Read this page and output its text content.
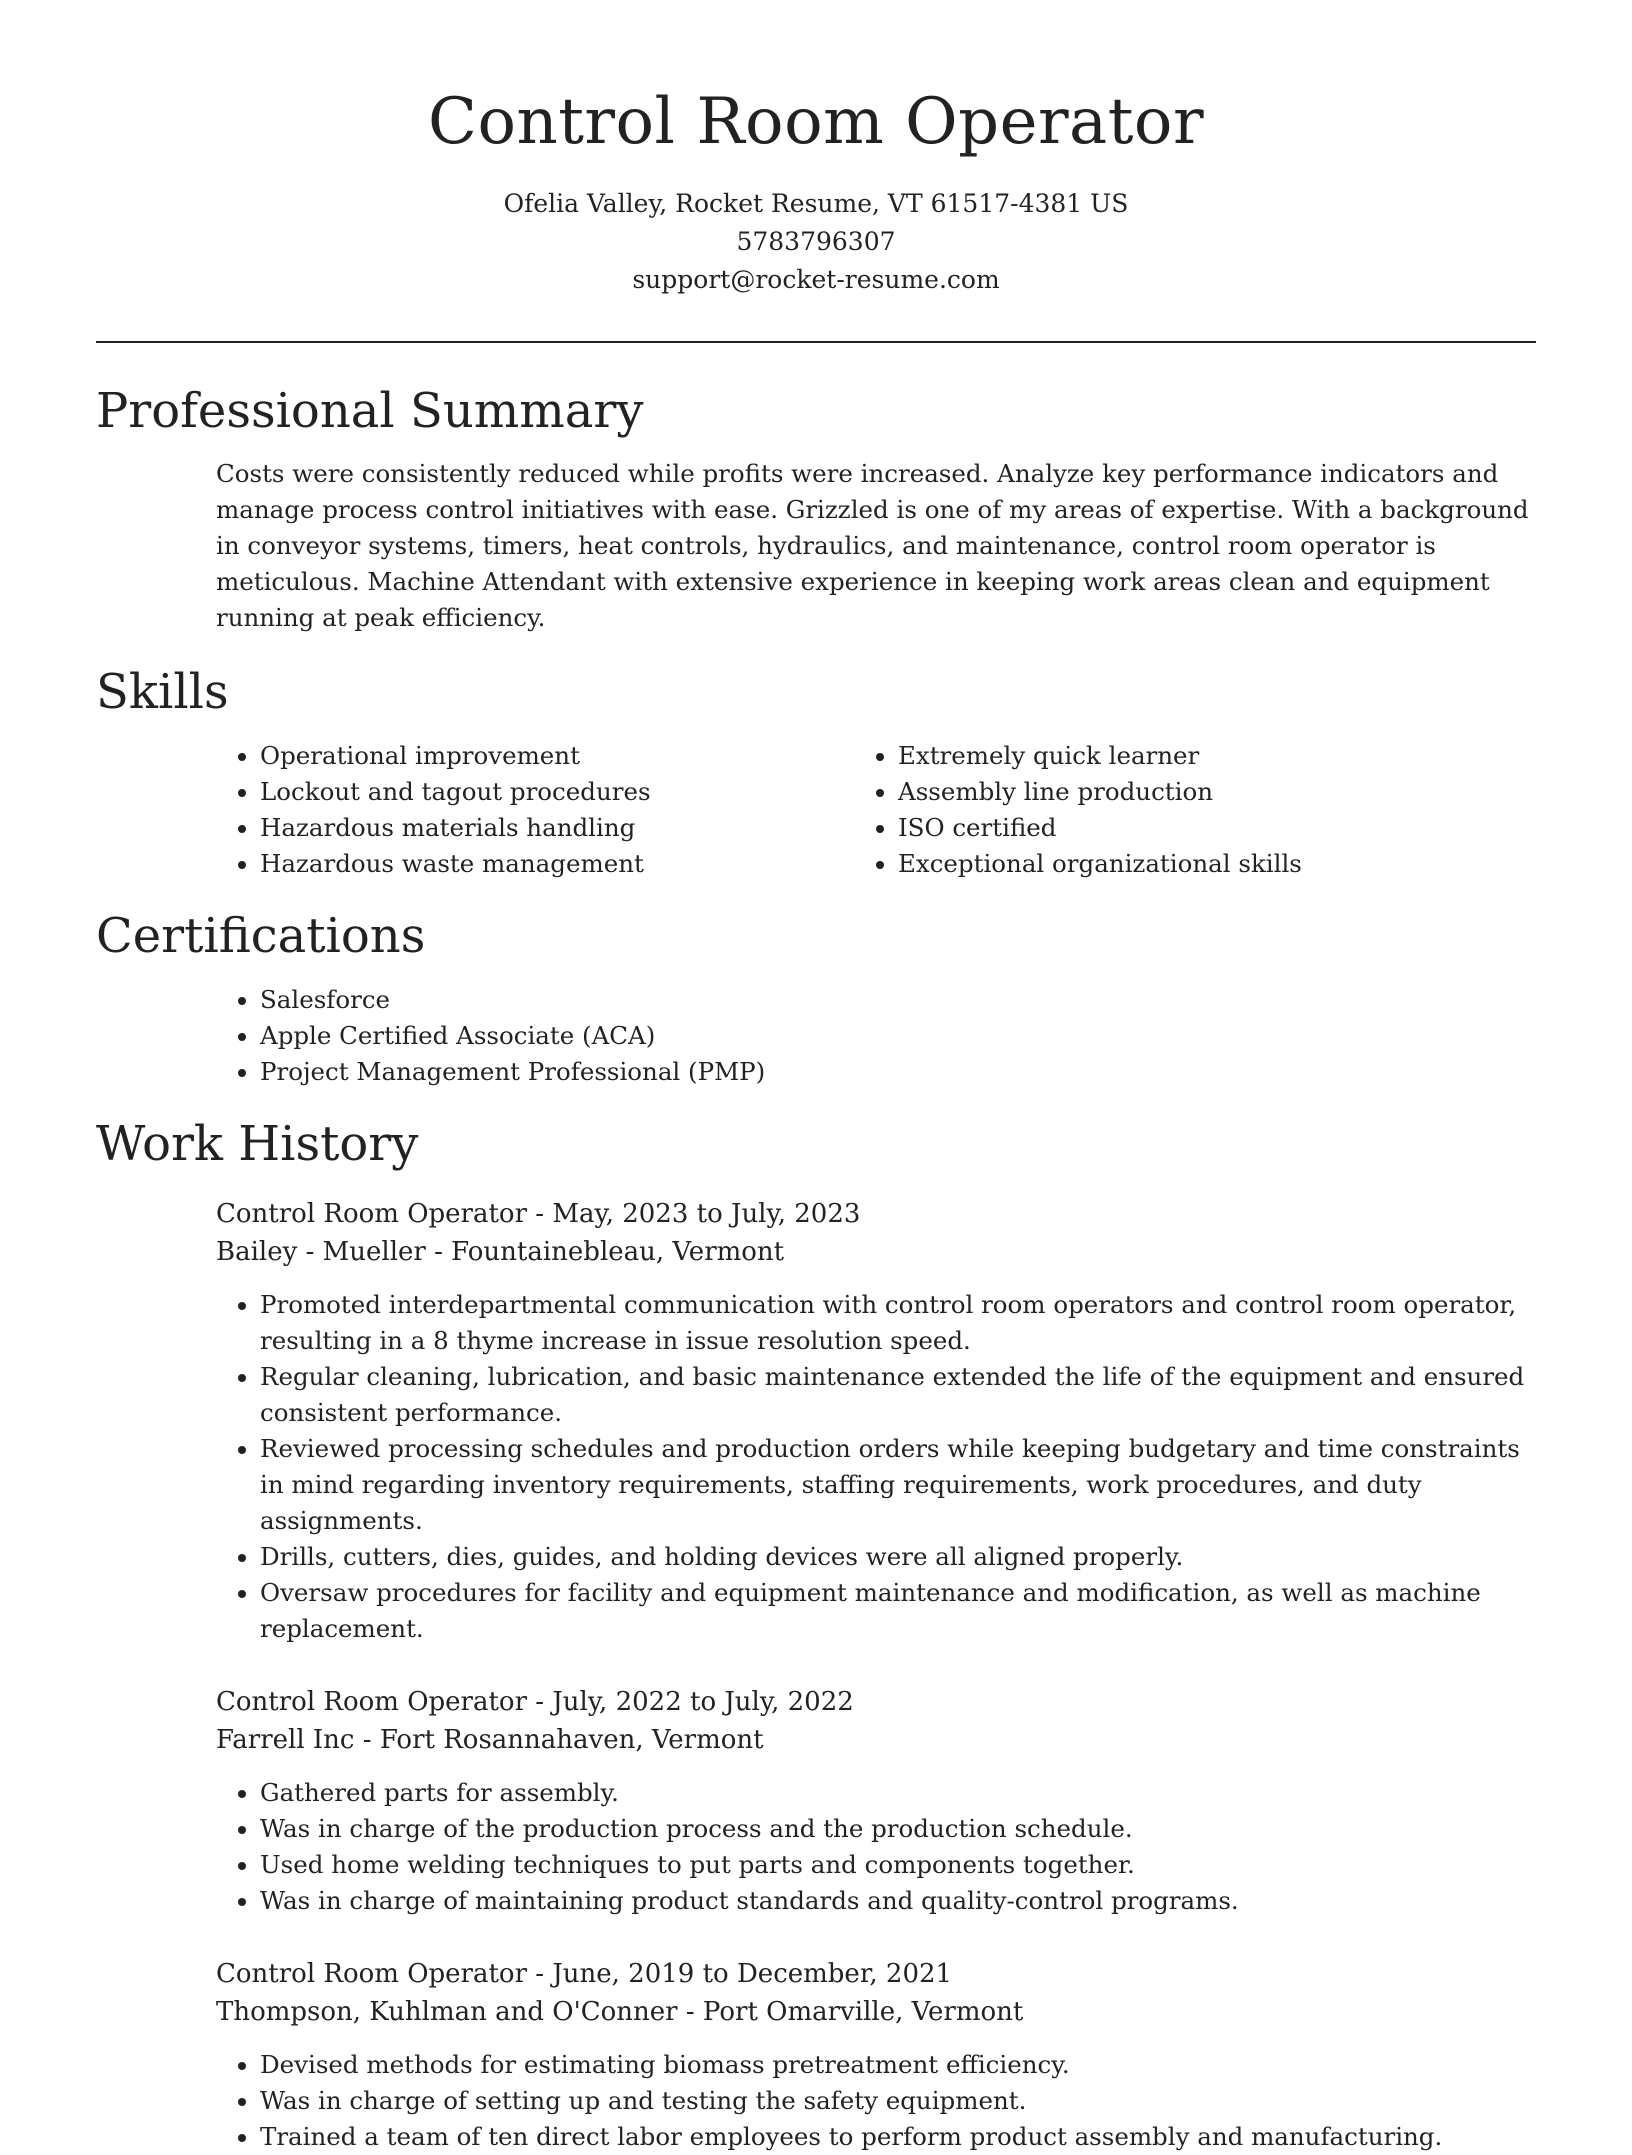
Control Room Operator
Ofelia Valley, Rocket Resume, VT 61517-4381 US
5783796307
support@rocket-resume.com
Professional Summary

Costs were consistently reduced while profits were increased. Analyze key performance indicators and manage process control initiatives with ease. Grizzled is one of my areas of expertise. With a background in conveyor systems, timers, heat controls, hydraulics, and maintenance, control room operator is meticulous. Machine Attendant with extensive experience in keeping work areas clean and equipment running at peak efficiency.

Skills
• Operational improvement
• Lockout and tagout procedures
• Hazardous materials handling
• Hazardous waste management
• Extremely quick learner
• Assembly line production
• ISO certified
• Exceptional organizational skills
Certifications
• Salesforce
• Apple Certified Associate (ACA)
• Project Management Professional (PMP)
Work History
Control Room Operator - May, 2023 to July, 2023
Bailey - Mueller - Fountainebleau, Vermont
• Promoted interdepartmental communication with control room operators and control room operator, resulting in a 8 thyme increase in issue resolution speed.
• Regular cleaning, lubrication, and basic maintenance extended the life of the equipment and ensured consistent performance.
• Reviewed processing schedules and production orders while keeping budgetary and time constraints in mind regarding inventory requirements, staffing requirements, work procedures, and duty assignments.
• Drills, cutters, dies, guides, and holding devices were all aligned properly.
• Oversaw procedures for facility and equipment maintenance and modification, as well as machine replacement.
Control Room Operator - July, 2022 to July, 2022
Farrell Inc - Fort Rosannahaven, Vermont
• Gathered parts for assembly.
• Was in charge of the production process and the production schedule.
• Used home welding techniques to put parts and components together.
• Was in charge of maintaining product standards and quality-control programs.
Control Room Operator - June, 2019 to December, 2021
Thompson, Kuhlman and O'Conner - Port Omarville, Vermont
• Devised methods for estimating biomass pretreatment efficiency.
• Was in charge of setting up and testing the safety equipment.
• Trained a team of ten direct labor employees to perform product assembly and manufacturing.
